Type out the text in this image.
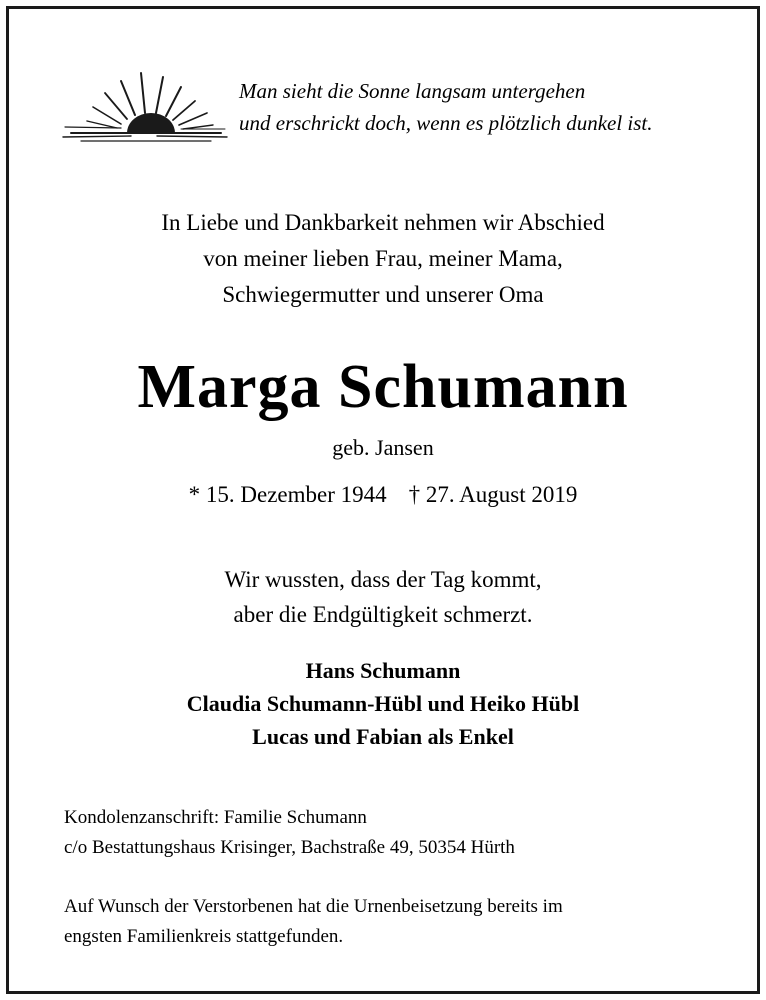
Man sieht die Sonne langsam untergehen
und erschrickt doch, wenn es plötzlich dunkel ist.
In Liebe und Dankbarkeit nehmen wir Abschied
von meiner lieben Frau, meiner Mama,
Schwiegermutter und unserer Oma
Marga Schumann
geb. Jansen
* 15. Dezember 1944 † 27. August 2019
Wir wussten, dass der Tag kommt,
aber die Endgültigkeit schmerzt.
Hans Schumann
Claudia Schumann-Hübl und Heiko Hübl
Lucas und Fabian als Enkel
Kondolenzanschrift: Familie Schumann
c/o Bestattungshaus Krisinger, Bachstraße 49, 50354 Hürth
Auf Wunsch der Verstorbenen hat die Urnenbeisetzung bereits im
engsten Familienkreis stattgefunden.
